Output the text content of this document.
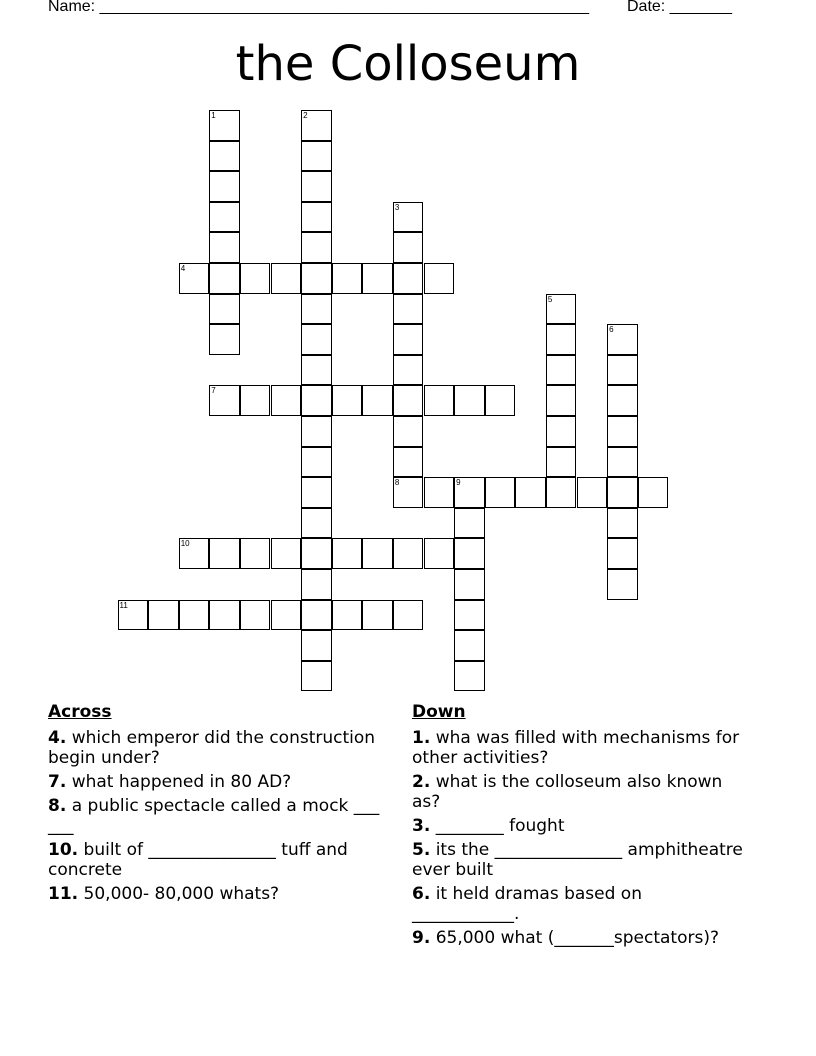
Name: _______________________________________________________ Date: _______
the Colloseum
1	2
3
8
4
5
6
7
9
10
11
Across
4. which emperor did the construction begin under?
7. what happened in 80 AD?
8. a public spectacle called a mock ___ ___
10. built of _______________ tuff and concrete
11. 50,000- 80,000 whats?
Down
1. wha was filled with mechanisms for other activities?
2. what is the colloseum also known as?
3. ________ fought
5. its the _______________ amphitheatre ever built
6. it held dramas based on ____________.
9. 65,000 what (_______spectators)?
